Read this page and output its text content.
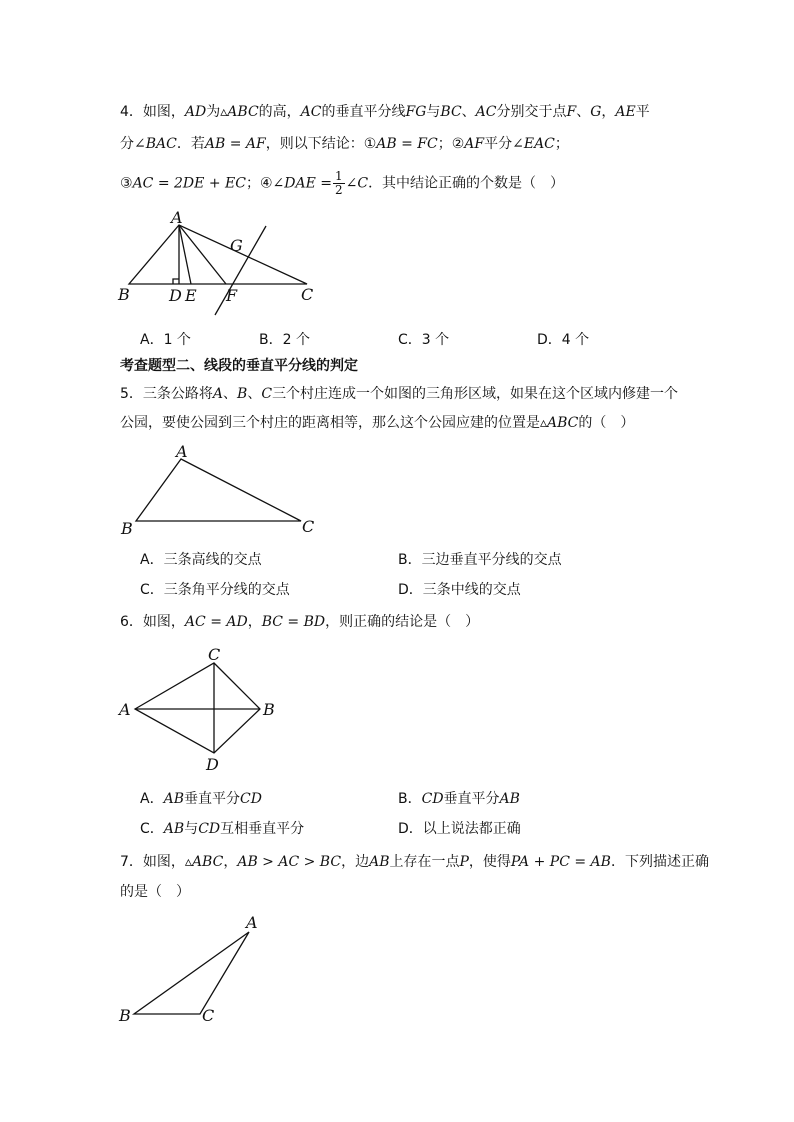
4．如图，AD为▵ABC的高，AC的垂直平分线FG与BC、AC分别交于点F、G，AE平
分∠BAC．若AB = AF，则以下结论：①AB = FC；②AF平分∠EAC；
③AC = 2DE + EC；④∠DAE = $\frac{1}{2}$ ∠C．其中结论正确的个数是（　）
A
B	C
D E F
G
A．1 个	B．2 个	C．3 个	D．4 个
考查题型二、线段的垂直平分线的判定
5．三条公路将A、B、C三个村庄连成一个如图的三角形区域，如果在这个区域内修建一个
公园，要使公园到三个村庄的距离相等，那么这个公园应建的位置是▵ABC的（　）
A
B	C
A．三条高线的交点	B．三边垂直平分线的交点
C．三条角平分线的交点	D．三条中线的交点
6．如图，AC = AD，BC = BD，则正确的结论是（　）
A	B
C
D
A．AB垂直平分CD	B．CD垂直平分AB
C．AB与CD互相垂直平分	D．以上说法都正确
7．如图，▵ABC，AB > AC > BC，边AB上存在一点P，使得PA + PC = AB．下列描述正确
的是（　）
A
B	C
